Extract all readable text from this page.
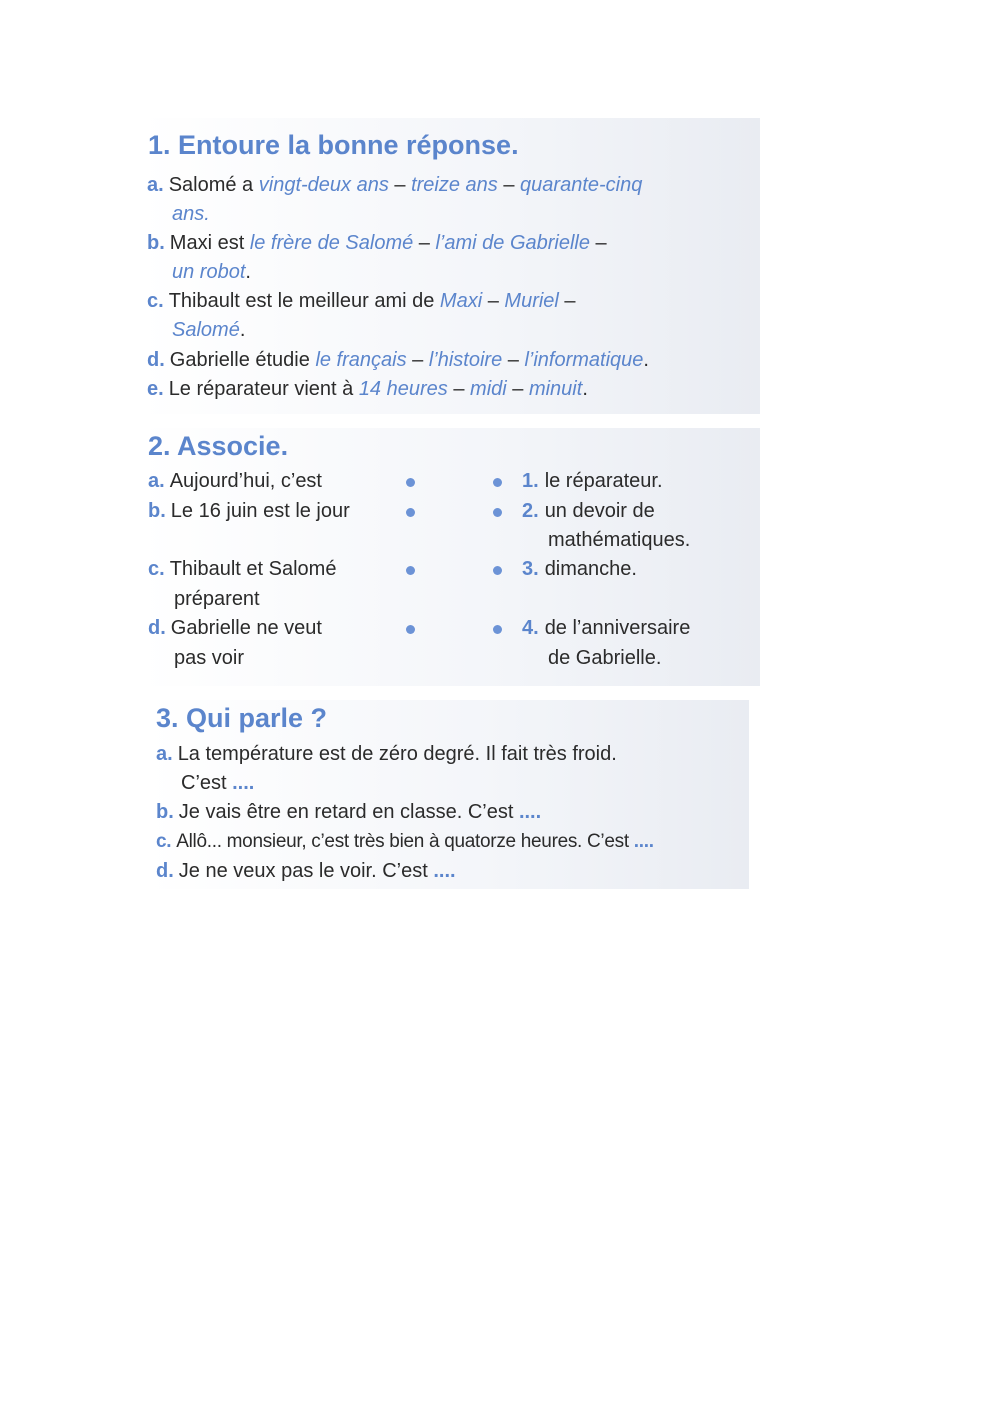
1. Entoure la bonne réponse.
a. Salomé a vingt-deux ans – treize ans – quarante-cinq
ans.
b. Maxi est le frère de Salomé – l’ami de Gabrielle –
un robot.
c. Thibault est le meilleur ami de Maxi – Muriel –
Salomé.
d. Gabrielle étudie le français – l’histoire – l’informatique.
e. Le réparateur vient à 14 heures – midi – minuit.
2. Associe.
a. Aujourd’hui, c’est
b. Le 16 juin est le jour
c. Thibault et Salomé
préparent
d. Gabrielle ne veut
pas voir
1. le réparateur.
2. un devoir de
mathématiques.
3. dimanche.
4. de l’anniversaire
de Gabrielle.
3. Qui parle ?
a. La température est de zéro degré. Il fait très froid.
C’est ....
b. Je vais être en retard en classe. C’est ....
c. Allô... monsieur, c’est très bien à quatorze heures. C’est ....
d. Je ne veux pas le voir. C’est ....
